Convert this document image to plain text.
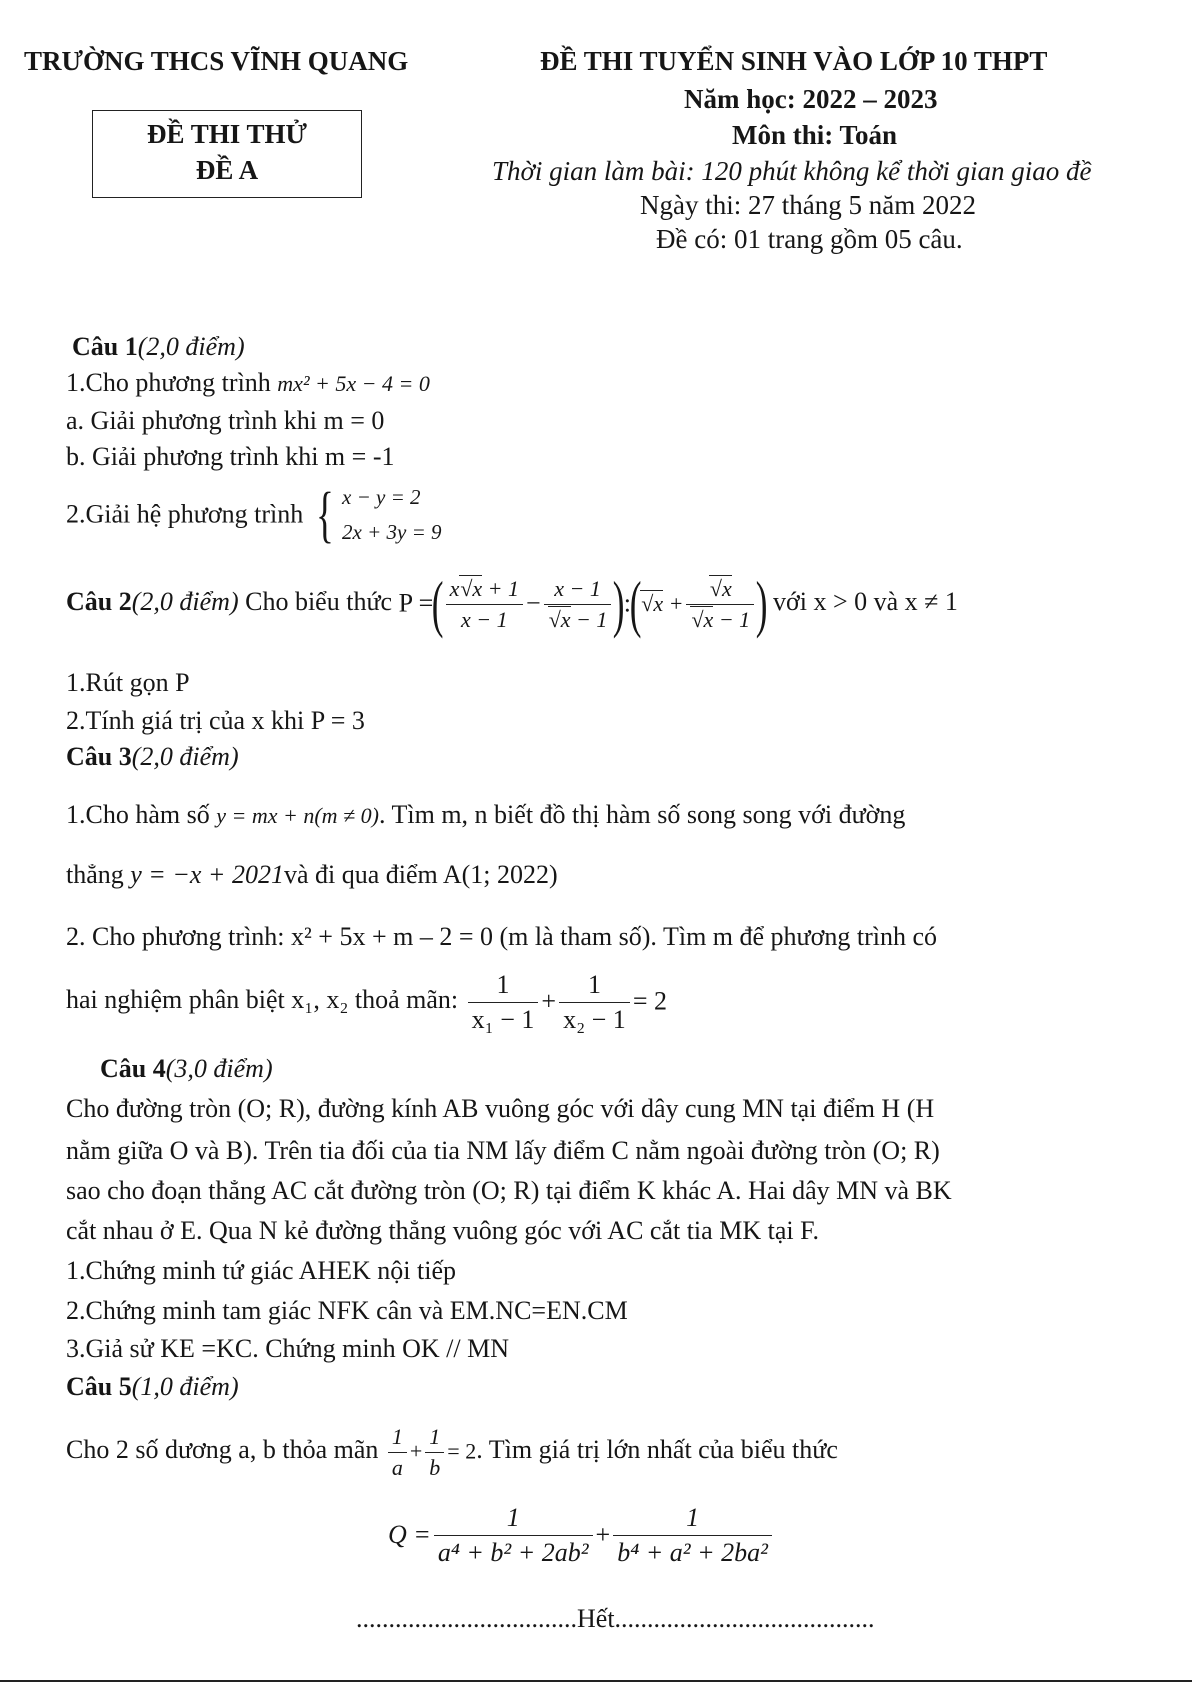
TRƯỜNG THCS VĨNH QUANG	ĐỀ THI TUYỂN SINH VÀO LỚP 10 THPT
Năm học: 2022 – 2023
Môn thi: Toán
Thời gian làm bài: 120 phút không kể thời gian giao đề
Ngày thi: 27 tháng 5 năm 2022
Đề có: 01 trang gồm 05 câu.
ĐỀ THI THỬ
ĐỀ A
Câu 1(2,0 điểm)
1.Cho phương trình mx² + 5x − 4 = 0
a. Giải phương trình khi m = 0
b. Giải phương trình khi m = -1
2.Giải hệ phương trình { x − y = 2
2x + 3y = 9
Câu 2(2,0 điểm) Cho biểu thức P =( $\frac{x√x + 1}{x - 1} - \frac{x - 1}{√x - 1}$ ):(√x + $\frac{√x}{√x - 1}$ ) với x > 0 và x ≠ 1
1.Rút gọn P
2.Tính giá trị của x khi P = 3
Câu 3(2,0 điểm)
1.Cho hàm số y = mx + n(m ≠ 0). Tìm m, n biết đồ thị hàm số song song với đường
thẳng y = −x + 2021và đi qua điểm A(1; 2022)
2. Cho phương trình: x² + 5x + m – 2 = 0 (m là tham số). Tìm m để phương trình có
hai nghiệm phân biệt x₁, x₂ thoả mãn: $\frac{1}{\text{x₁ − 1}} + \frac{1}{\text{x₂ − 1}} = 2$
Câu 4(3,0 điểm)
Cho đường tròn (O; R), đường kính AB vuông góc với dây cung MN tại điểm H (H
nằm giữa O và B). Trên tia đối của tia NM lấy điểm C nằm ngoài đường tròn (O; R)
sao cho đoạn thẳng AC cắt đường tròn (O; R) tại điểm K khác A. Hai dây MN và BK
cắt nhau ở E. Qua N kẻ đường thẳng vuông góc với AC cắt tia MK tại F.
1.Chứng minh tứ giác AHEK nội tiếp
2.Chứng minh tam giác NFK cân và EM.NC=EN.CM
3.Giả sử KE =KC. Chứng minh OK // MN
Câu 5(1,0 điểm)
Cho 2 số dương a, b thỏa mãn $\frac{1}{a} + \frac{1}{b} = 2$. Tìm giá trị lớn nhất của biểu thức
$Q = \frac{1}{\text{a⁴ + b² + 2ab²}} + \frac{1}{\text{b⁴ + a² + 2ba²}}$
..................................Hết........................................
